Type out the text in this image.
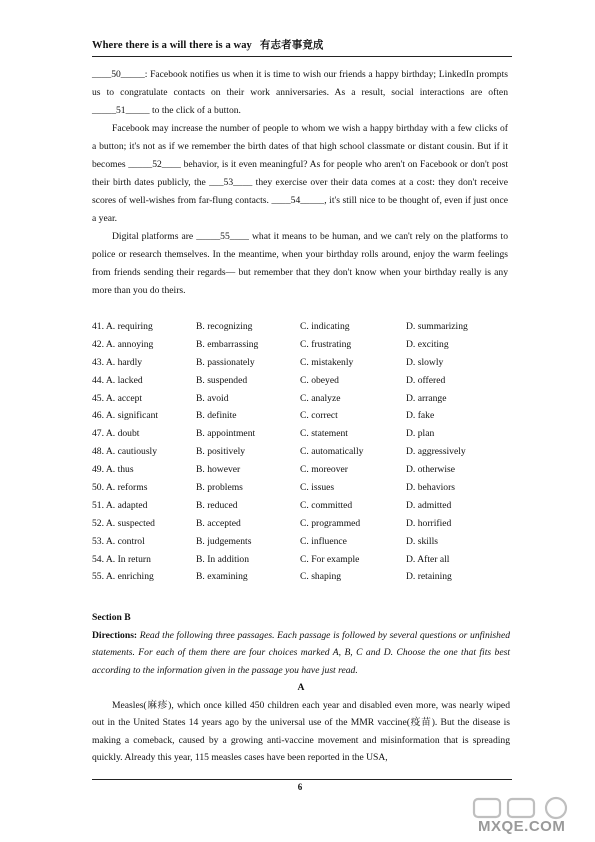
Where there is a will there is a way 有志者事竟成

____50_____: Facebook notifies us when it is time to wish our friends a happy birthday; LinkedIn prompts us to congratulate contacts on their work anniversaries. As a result, social interactions are often _____51_____ to the click of a button.

Facebook may increase the number of people to whom we wish a happy birthday with a few clicks of a button; it's not as if we remember the birth dates of that high school classmate or distant cousin. But if it becomes _____52____ behavior, is it even meaningful? As for people who aren't on Facebook or don't post their birth dates publicly, the ___53____ they exercise over their data comes at a cost: they don't receive scores of well-wishes from far-flung contacts. ____54_____, it's still nice to be thought of, even if just once a year.

Digital platforms are _____55____ what it means to be human, and we can't rely on the platforms to police or research themselves. In the meantime, when your birthday rolls around, enjoy the warm feelings from friends sending their regards— but remember that they don't know when your birthday really is any more than you do theirs.

41. A. requiring	B. recognizing	C. indicating	D. summarizing
42. A. annoying	B. embarrassing	C. frustrating	D. exciting
43. A. hardly	B. passionately	C. mistakenly	D. slowly
44. A. lacked	B. suspended	C. obeyed	D. offered
45. A. accept	B. avoid	C. analyze	D. arrange
46. A. significant	B. definite	C. correct	D. fake
47. A. doubt	B. appointment	C. statement	D. plan
48. A. cautiously	B. positively	C. automatically	D. aggressively
49. A. thus	B. however	C. moreover	D. otherwise
50. A. reforms	B. problems	C. issues	D. behaviors
51. A. adapted	B. reduced	C. committed	D. admitted
52. A. suspected	B. accepted	C. programmed	D. horrified
53. A. control	B. judgements	C. influence	D. skills
54. A. In return	B. In addition	C. For example	D. After all
55. A. enriching	B. examining	C. shaping	D. retaining

Section B

Directions: Read the following three passages. Each passage is followed by several questions or unfinished statements. For each of them there are four choices marked A, B, C and D. Choose the one that fits best according to the information given in the passage you have just read.

A

Measles(麻疹), which once killed 450 children each year and disabled even more, was nearly wiped out in the United States 14 years ago by the universal use of the MMR vaccine(疫苗). But the disease is making a comeback, caused by a growing anti-vaccine movement and misinformation that is spreading quickly. Already this year, 115 measles cases have been reported in the USA,

6
MXQE.COM
